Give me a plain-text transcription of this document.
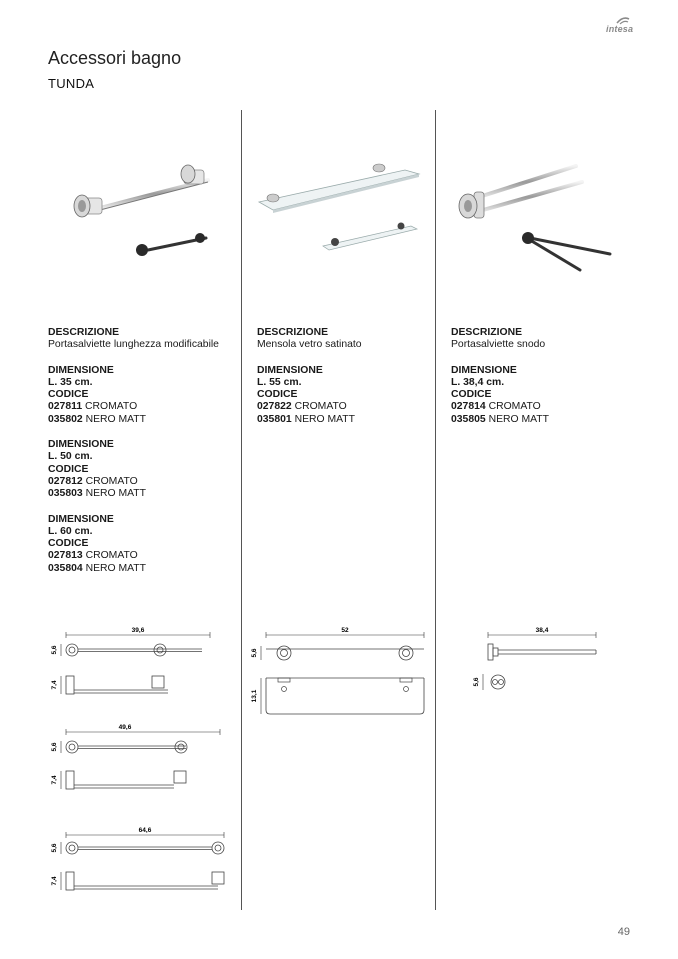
intesa
Accessori bagno
TUNDA
DESCRIZIONE
Portasalviette lunghezza modificabile
DIMENSIONE
L. 35 cm.
CODICE
027811 CROMATO
035802 NERO MATT
DIMENSIONE
L. 50 cm.
CODICE
027812 CROMATO
035803 NERO MATT
DIMENSIONE
L. 60 cm.
CODICE
027813 CROMATO
035804 NERO MATT
DESCRIZIONE
Mensola vetro satinato
DIMENSIONE
L. 55 cm.
CODICE
027822 CROMATO
035801 NERO MATT
DESCRIZIONE
Portasalviette snodo
DIMENSIONE
L. 38,4 cm.
CODICE
027814 CROMATO
035805 NERO MATT
39,6
5,6
7,4
49,6
5,6
7,4
64,6
5,6
7,4
52
5,6
13,1
38,4
5,6
49
